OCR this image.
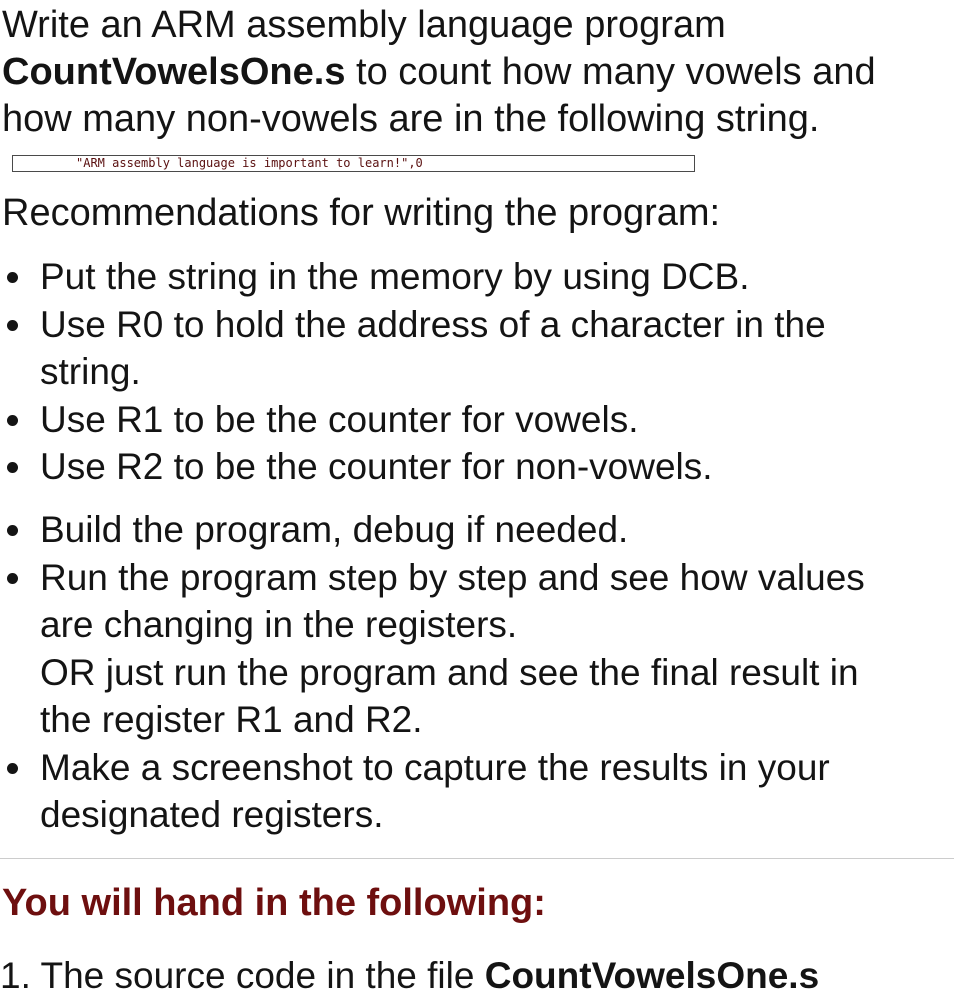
Write an ARM assembly language program
CountVowelsOne.s to count how many vowels and
how many non-vowels are in the following string.

"ARM assembly language is important to learn!",0
Recommendations for writing the program:
Put the string in the memory by using DCB.
Use R0 to hold the address of a character in the
string.
Use R1 to be the counter for vowels.
Use R2 to be the counter for non-vowels.
Build the program, debug if needed.
Run the program step by step and see how values
are changing in the registers.
OR just run the program and see the final result in
the register R1 and R2.
Make a screenshot to capture the results in your
designated registers.
You will hand in the following:

1. The source code in the file CountVowelsOne.s
